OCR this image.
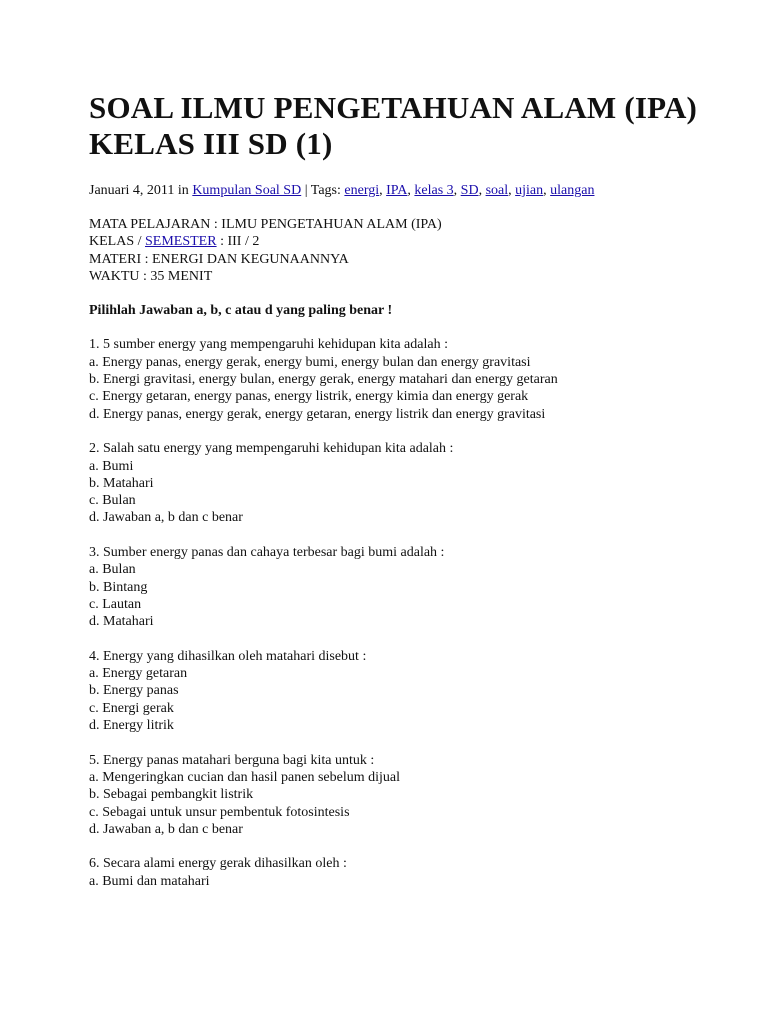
SOAL ILMU PENGETAHUAN ALAM (IPA)
KELAS III SD (1)
Januari 4, 2011 in Kumpulan Soal SD | Tags: energi, IPA, kelas 3, SD, soal, ujian, ulangan
MATA PELAJARAN : ILMU PENGETAHUAN ALAM (IPA)
KELAS / SEMESTER : III / 2
MATERI : ENERGI DAN KEGUNAANNYA
WAKTU : 35 MENIT
Pilihlah Jawaban a, b, c atau d yang paling benar !
1. 5 sumber energy yang mempengaruhi kehidupan kita adalah :
a. Energy panas, energy gerak, energy bumi, energy bulan dan energy gravitasi
b. Energi gravitasi, energy bulan, energy gerak, energy matahari dan energy getaran
c. Energy getaran, energy panas, energy listrik, energy kimia dan energy gerak
d. Energy panas, energy gerak, energy getaran, energy listrik dan energy gravitasi
2. Salah satu energy yang mempengaruhi kehidupan kita adalah :
a. Bumi
b. Matahari
c. Bulan
d. Jawaban a, b dan c benar
3. Sumber energy panas dan cahaya terbesar bagi bumi adalah :
a. Bulan
b. Bintang
c. Lautan
d. Matahari
4. Energy yang dihasilkan oleh matahari disebut :
a. Energy getaran
b. Energy panas
c. Energi gerak
d. Energy litrik
5. Energy panas matahari berguna bagi kita untuk :
a. Mengeringkan cucian dan hasil panen sebelum dijual
b. Sebagai pembangkit listrik
c. Sebagai untuk unsur pembentuk fotosintesis
d. Jawaban a, b dan c benar
6. Secara alami energy gerak dihasilkan oleh :
a. Bumi dan matahari
